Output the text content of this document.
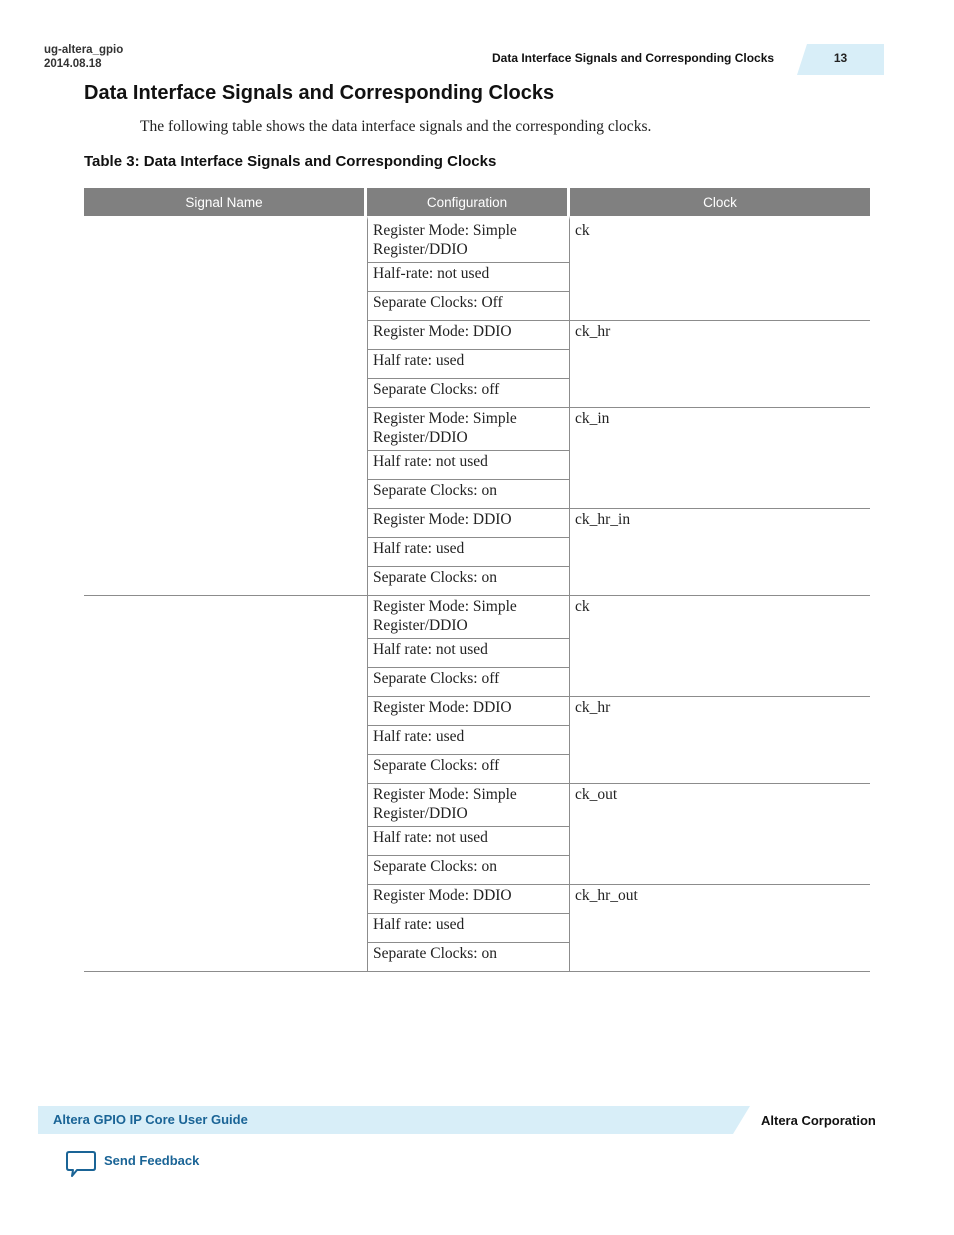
ug-altera_gpio
2014.08.18	Data Interface Signals and Corresponding Clocks	13
Data Interface Signals and Corresponding Clocks

The following table shows the data interface signals and the corresponding clocks.

Table 3: Data Interface Signals and Corresponding Clocks
Signal Name	Configuration	Clock
	Register Mode: Simple Register/DDIO	ck
	Half-rate: not used	
	Separate Clocks: Off	
	Register Mode: DDIO	ck_hr
	Half rate: used	
	Separate Clocks: off	
	Register Mode: Simple Register/DDIO	ck_in
	Half rate: not used	
	Separate Clocks: on	
	Register Mode: DDIO	ck_hr_in
	Half rate: used	
	Separate Clocks: on	
	Register Mode: Simple Register/DDIO	ck
	Half rate: not used	
	Separate Clocks: off	
	Register Mode: DDIO	ck_hr
	Half rate: used	
	Separate Clocks: off	
	Register Mode: Simple Register/DDIO	ck_out
	Half rate: not used	
	Separate Clocks: on	
	Register Mode: DDIO	ck_hr_out
	Half rate: used	
	Separate Clocks: on	
Altera GPIO IP Core User Guide	Altera Corporation
Send Feedback
